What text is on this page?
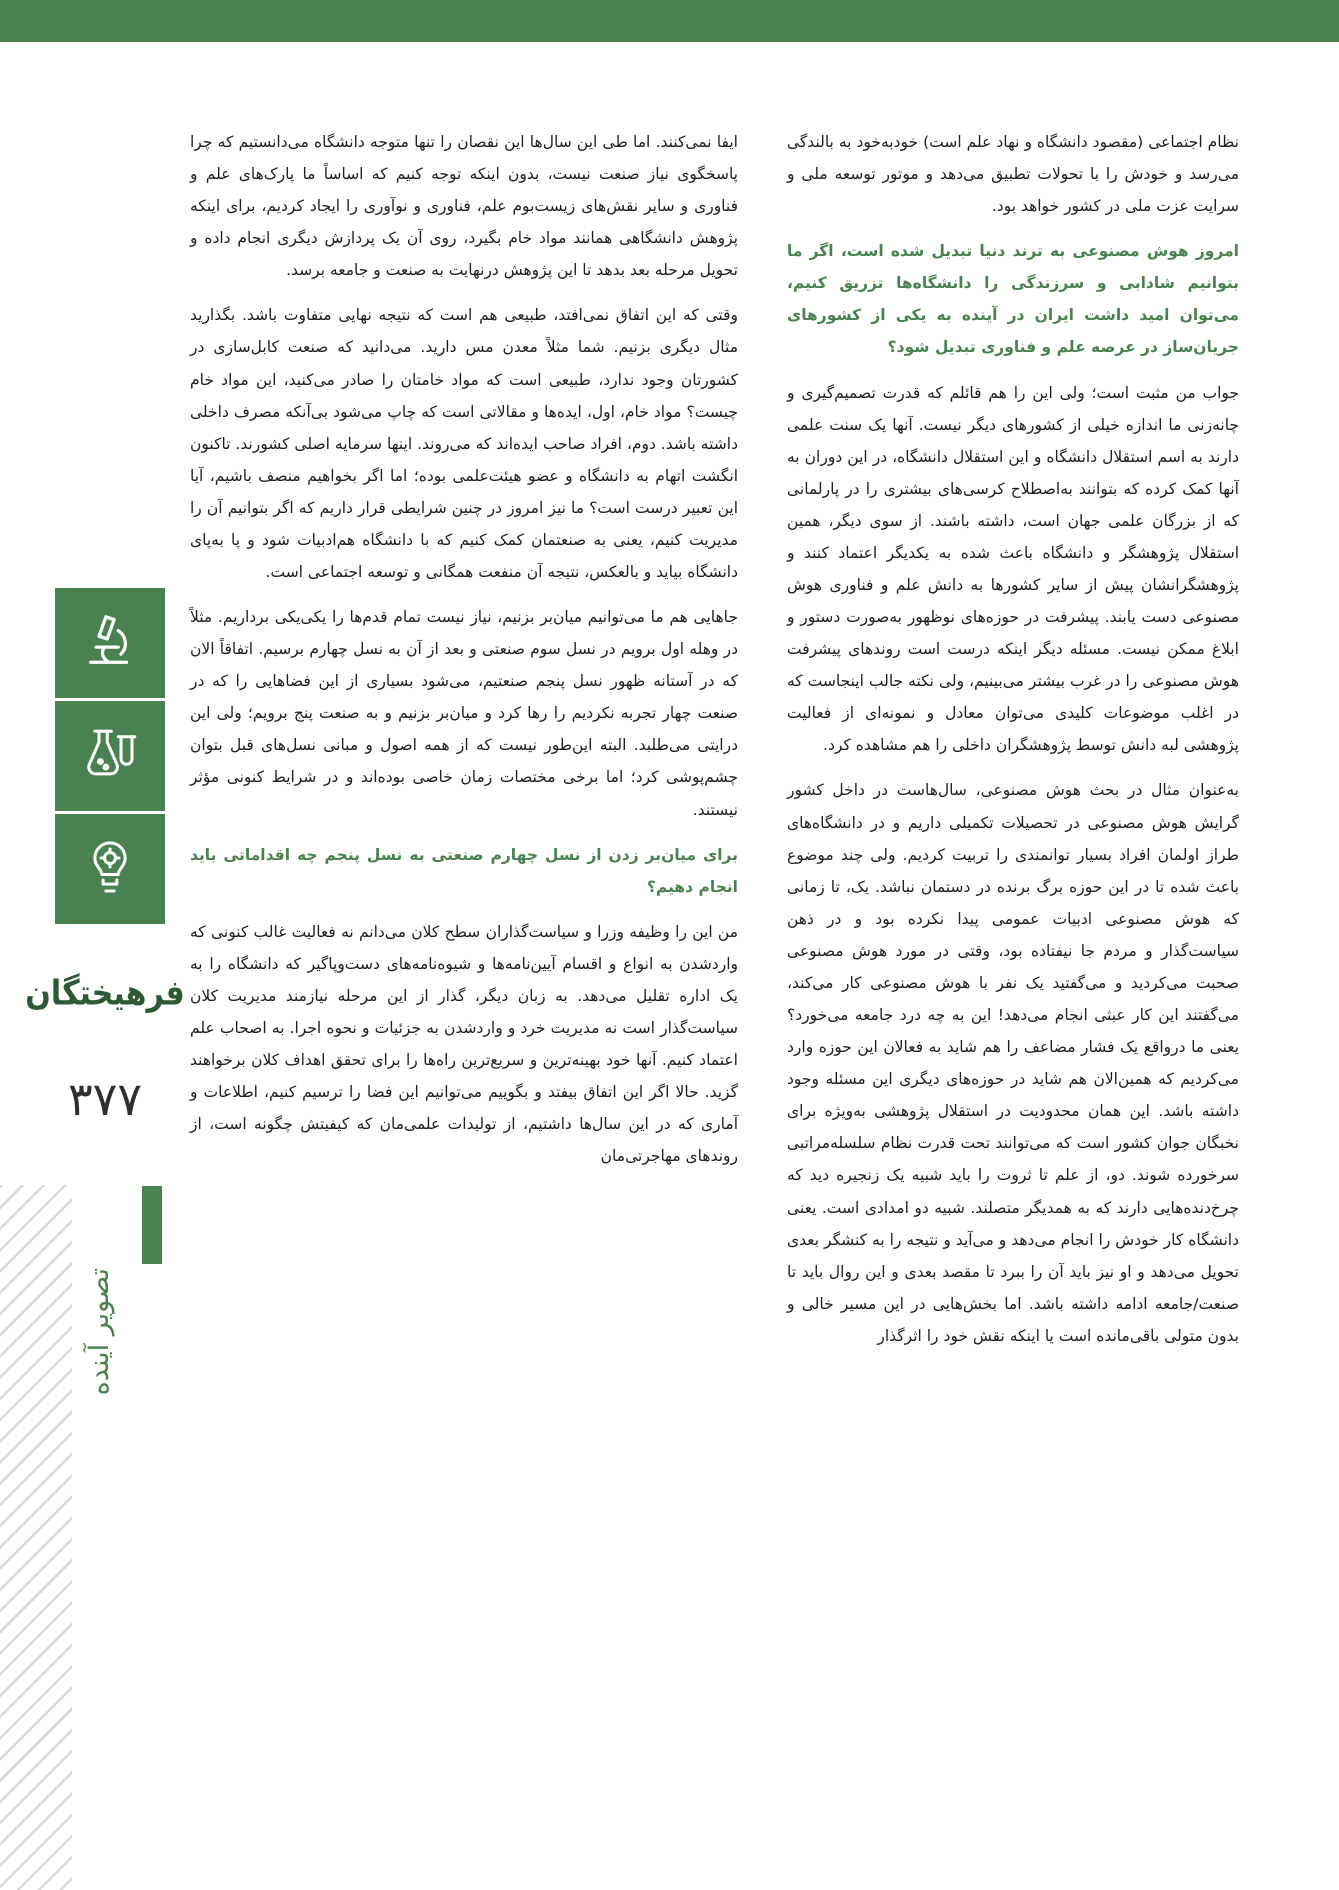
فرهیختگان
۳۷۷
تصویر آینده

نظام اجتماعی (مقصود دانشگاه و نهاد علم است) خودبه‌خود به بالندگی می‌رسد و خودش را با تحولات تطبیق می‌دهد و موتور توسعه ملی و سرایت عزت ملی در کشور خواهد بود.

امروز هوش مصنوعی به ترند دنیا تبدیل شده است، اگر ما بتوانیم شادابی و سرزندگی را دانشگاه‌ها تزریق کنیم، می‌توان امید داشت ایران در آینده به یکی از کشورهای جریان‌ساز در عرصه علم و فناوری تبدیل شود؟

جواب من مثبت است؛ ولی این را هم قائلم که قدرت تصمیم‌گیری و چانه‌زنی ما اندازه خیلی از کشورهای دیگر نیست. آنها یک سنت علمی دارند به اسم استقلال دانشگاه و این استقلال دانشگاه، در این دوران به آنها کمک کرده که بتوانند به‌اصطلاح کرسی‌های بیشتری را در پارلمانی که از بزرگان علمی جهان است، داشته باشند. از سوی دیگر، همین استقلال پژوهشگر و دانشگاه باعث شده به یکدیگر اعتماد کنند و پژوهشگرانشان پیش از سایر کشورها به دانش علم و فناوری هوش مصنوعی دست یابند. پیشرفت در حوزه‌های نوظهور به‌صورت دستور و ابلاغ ممکن نیست. مسئله دیگر اینکه درست است روندهای پیشرفت هوش مصنوعی را در غرب بیشتر می‌بینیم، ولی نکته جالب اینجاست که در اغلب موضوعات کلیدی می‌توان معادل و نمونه‌ای از فعالیت پژوهشی لبه دانش توسط پژوهشگران داخلی را هم مشاهده کرد.

به‌عنوان مثال در بحث هوش مصنوعی، سال‌هاست در داخل کشور گرایش هوش مصنوعی در تحصیلات تکمیلی داریم و در دانشگاه‌های طراز اولمان افراد بسیار توانمندی را تربیت کردیم. ولی چند موضوع باعث شده تا در این حوزه برگ برنده در دستمان نباشد. یک، تا زمانی که هوش مصنوعی ادبیات عمومی پیدا نکرده بود و در ذهن سیاست‌گذار و مردم جا نیفتاده بود، وقتی در مورد هوش مصنوعی صحبت می‌کردید و می‌گفتید یک نفر با هوش مصنوعی کار می‌کند، می‌گفتند این کار عبثی انجام می‌دهد! این به چه درد جامعه می‌خورد؟ یعنی ما درواقع یک فشار مضاعف را هم شاید به فعالان این حوزه وارد می‌کردیم که همین‌الان هم شاید در حوزه‌های دیگری این مسئله وجود داشته باشد. این همان محدودیت در استقلال پژوهشی به‌ویژه برای نخبگان جوان کشور است که می‌توانند تحت قدرت نظام سلسله‌مراتبی سرخورده شوند. دو، از علم تا ثروت را باید شبیه یک زنجیره دید که چرخ‌دنده‌هایی دارند که به همدیگر متصلند. شبیه دو امدادی است. یعنی دانشگاه کار خودش را انجام می‌دهد و می‌آید و نتیجه را به کنشگر بعدی تحویل می‌دهد و او نیز باید آن را ببرد تا مقصد بعدی و این روال باید تا صنعت/جامعه ادامه داشته باشد. اما بخش‌هایی در این مسیر خالی و بدون متولی باقی‌مانده است یا اینکه نقش خود را اثرگذار

ایفا نمی‌کنند. اما طی این سال‌ها این نقصان را تنها متوجه دانشگاه می‌دانستیم که چرا پاسخگوی نیاز صنعت نیست، بدون اینکه توجه کنیم که اساساً ما پارک‌های علم و فناوری و سایر نقش‌های زیست‌بوم علم، فناوری و نوآوری را ایجاد کردیم، برای اینکه پژوهش دانشگاهی همانند مواد خام بگیرد، روی آن یک پردازش دیگری انجام داده و تحویل مرحله بعد بدهد تا این پژوهش درنهایت به صنعت و جامعه برسد.

وقتی که این اتفاق نمی‌افتد، طبیعی هم است که نتیجه نهایی متفاوت باشد. بگذارید مثال دیگری بزنیم. شما مثلاً معدن مس دارید. می‌دانید که صنعت کابل‌سازی در کشورتان وجود ندارد، طبیعی است که مواد خامتان را صادر می‌کنید، این مواد خام چیست؟ مواد خام، اول، ایده‌ها و مقالاتی است که چاپ می‌شود بی‌آنکه مصرف داخلی داشته باشد. دوم، افراد صاحب ایده‌اند که می‌روند. اینها سرمایه اصلی کشورند. تاکنون انگشت اتهام به دانشگاه و عضو هیئت‌علمی بوده؛ اما اگر بخواهیم منصف باشیم، آیا این تعبیر درست است؟ ما نیز امروز در چنین شرایطی قرار داریم که اگر بتوانیم آن را مدیریت کنیم، یعنی به صنعتمان کمک کنیم که با دانشگاه هم‌ادبیات شود و پا به‌پای دانشگاه بیاید و بالعکس، نتیجه آن منفعت همگانی و توسعه اجتماعی است.

جاهایی هم ما می‌توانیم میان‌بر بزنیم، نیاز نیست تمام قدم‌ها را یکی‌یکی برداریم. مثلاً در وهله اول برویم در نسل سوم صنعتی و بعد از آن به نسل چهارم برسیم. اتفاقاً الان که در آستانه ظهور نسل پنجم صنعتیم، می‌شود بسیاری از این فضاهایی را که در صنعت چهار تجربه نکردیم را رها کرد و میان‌بر بزنیم و به صنعت پنج برویم؛ ولی این درایتی می‌طلبد. البته این‌طور نیست که از همه اصول و مبانی نسل‌های قبل بتوان چشم‌پوشی کرد؛ اما برخی مختصات زمان خاصی بوده‌اند و در شرایط کنونی مؤثر نیستند.

برای میان‌بر زدن از نسل چهارم صنعتی به نسل پنجم چه اقداماتی باید انجام دهیم؟

من این را وظیفه وزرا و سیاست‌گذاران سطح کلان می‌دانم نه فعالیت غالب کنونی که واردشدن به انواع و اقسام آیین‌نامه‌ها و شیوه‌نامه‌های دست‌وپاگیر که دانشگاه را به یک اداره تقلیل می‌دهد. به زبان دیگر، گذار از این مرحله نیازمند مدیریت کلان سیاست‌گذار است نه مدیریت خرد و واردشدن به جزئیات و نحوه اجرا. به اصحاب علم اعتماد کنیم. آنها خود بهینه‌ترین و سریع‌ترین راه‌ها را برای تحقق اهداف کلان برخواهند گزید. حالا اگر این اتفاق بیفتد و بگوییم می‌توانیم این فضا را ترسیم کنیم، اطلاعات و آماری که در این سال‌ها داشتیم، از تولیدات علمی‌مان که کیفیتش چگونه است، از روندهای مهاجرتی‌مان
